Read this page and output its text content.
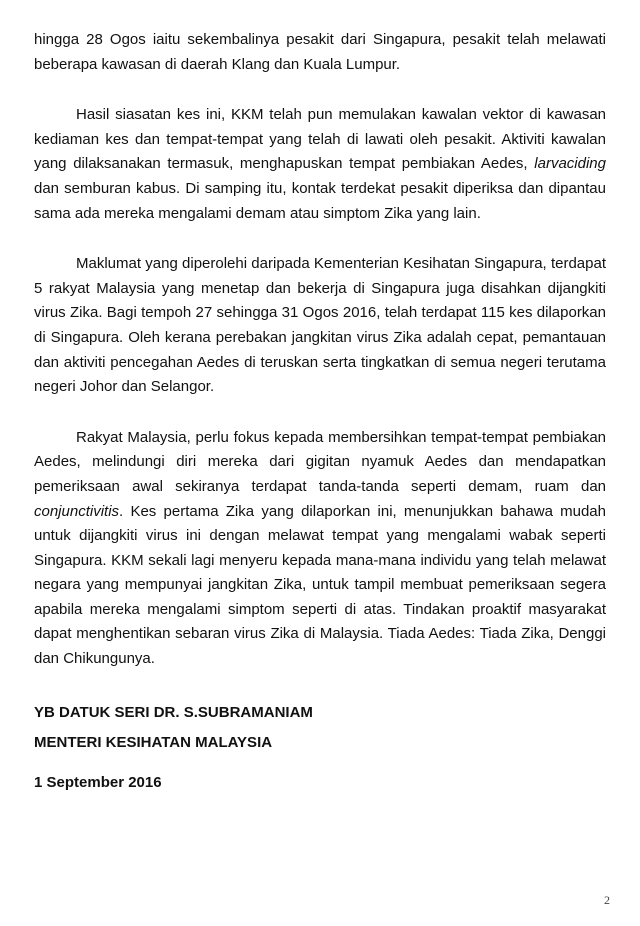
hingga 28 Ogos iaitu sekembalinya pesakit dari Singapura, pesakit telah melawati beberapa kawasan di daerah Klang dan Kuala Lumpur.

Hasil siasatan kes ini, KKM telah pun memulakan kawalan vektor di kawasan kediaman kes dan tempat-tempat yang telah di lawati oleh pesakit. Aktiviti kawalan yang dilaksanakan termasuk, menghapuskan tempat pembiakan Aedes, larvaciding dan semburan kabus. Di samping itu, kontak terdekat pesakit diperiksa dan dipantau sama ada mereka mengalami demam atau simptom Zika yang lain.

Maklumat yang diperolehi daripada Kementerian Kesihatan Singapura, terdapat 5 rakyat Malaysia yang menetap dan bekerja di Singapura juga disahkan dijangkiti virus Zika. Bagi tempoh 27 sehingga 31 Ogos 2016, telah terdapat 115 kes dilaporkan di Singapura. Oleh kerana perebakan jangkitan virus Zika adalah cepat, pemantauan dan aktiviti pencegahan Aedes di teruskan serta tingkatkan di semua negeri terutama negeri Johor dan Selangor.

Rakyat Malaysia, perlu fokus kepada membersihkan tempat-tempat pembiakan Aedes, melindungi diri mereka dari gigitan nyamuk Aedes dan mendapatkan pemeriksaan awal sekiranya terdapat tanda-tanda seperti demam, ruam dan conjunctivitis. Kes pertama Zika yang dilaporkan ini, menunjukkan bahawa mudah untuk dijangkiti virus ini dengan melawat tempat yang mengalami wabak seperti Singapura. KKM sekali lagi menyeru kepada mana-mana individu yang telah melawat negara yang mempunyai jangkitan Zika, untuk tampil membuat pemeriksaan segera apabila mereka mengalami simptom seperti di atas. Tindakan proaktif masyarakat dapat menghentikan sebaran virus Zika di Malaysia. Tiada Aedes: Tiada Zika, Denggi dan Chikungunya.

YB DATUK SERI DR. S.SUBRAMANIAM
MENTERI KESIHATAN MALAYSIA
1 September 2016
2
